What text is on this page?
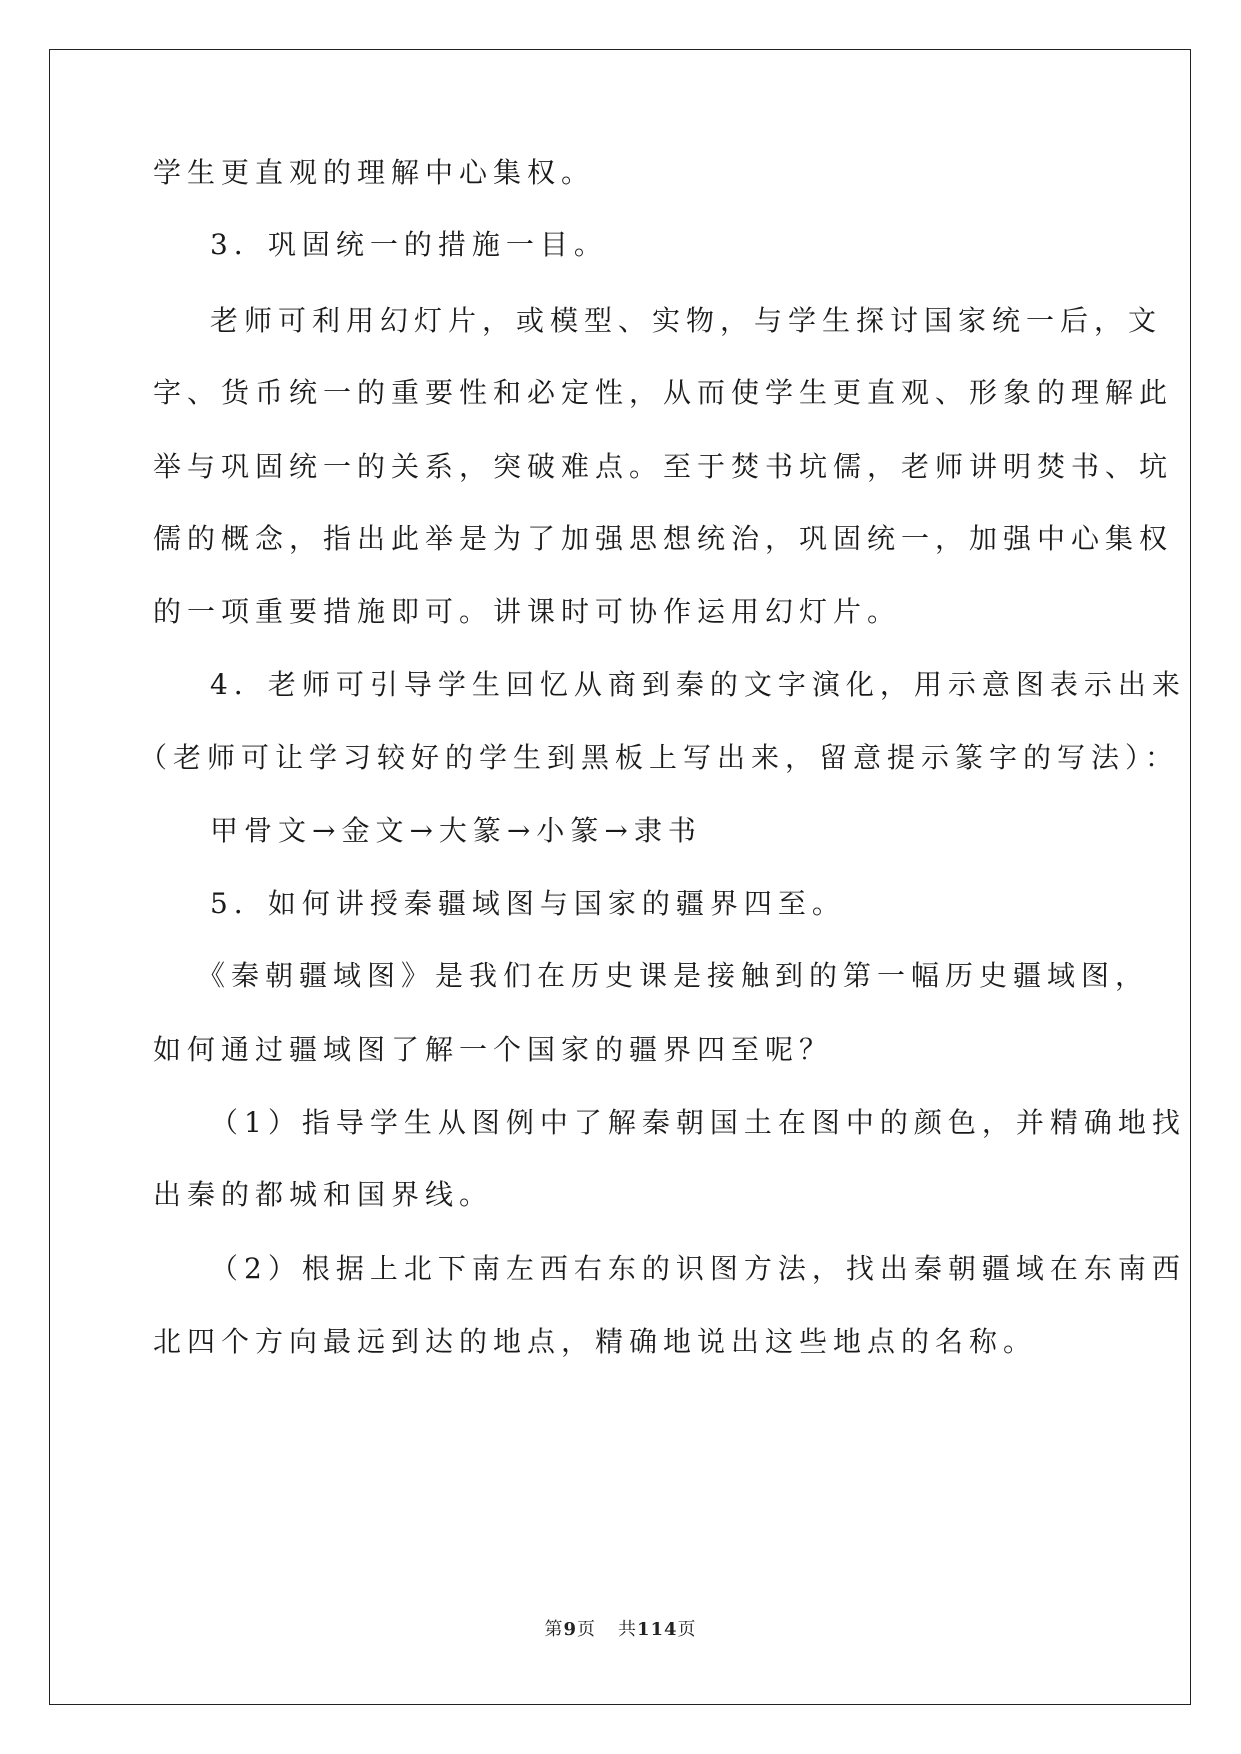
学生更直观的理解中心集权。
3．巩固统一的措施一目。
老师可利用幻灯片，或模型、实物，与学生探讨国家统一后，文
字、货币统一的重要性和必定性，从而使学生更直观、形象的理解此
举与巩固统一的关系，突破难点。至于焚书坑儒，老师讲明焚书、坑
儒的概念，指出此举是为了加强思想统治，巩固统一，加强中心集权
的一项重要措施即可。讲课时可协作运用幻灯片。
4．老师可引导学生回忆从商到秦的文字演化，用示意图表示出来
（老师可让学习较好的学生到黑板上写出来，留意提示篆字的写法）：
甲骨文→金文→大篆→小篆→隶书
5．如何讲授秦疆域图与国家的疆界四至。
《秦朝疆域图》是我们在历史课是接触到的第一幅历史疆域图，
如何通过疆域图了解一个国家的疆界四至呢？
（1）指导学生从图例中了解秦朝国土在图中的颜色，并精确地找
出秦的都城和国界线。
（2）根据上北下南左西右东的识图方法，找出秦朝疆域在东南西
北四个方向最远到达的地点，精确地说出这些地点的名称。
第9页 共114页
